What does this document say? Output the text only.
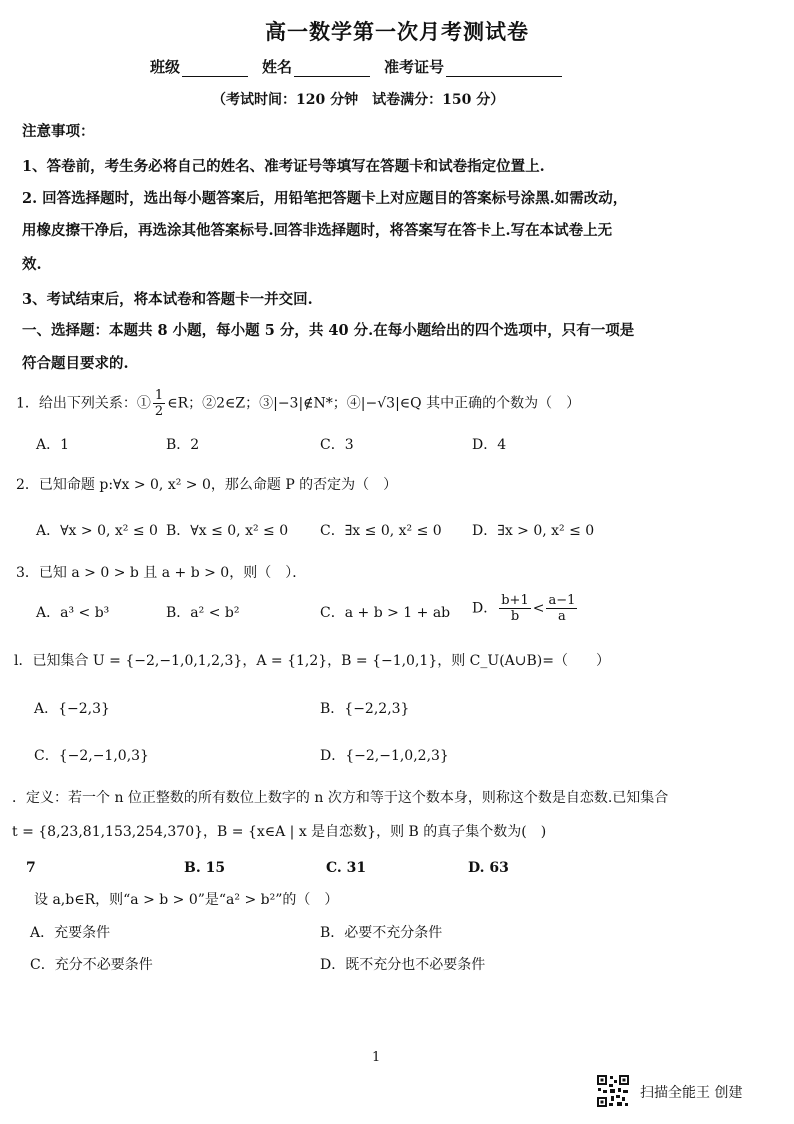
高一数学第一次月考测试卷
班级	姓名	准考证号
（考试时间：120 分钟　试卷满分：150 分）
注意事项：
1、答卷前，考生务必将自己的姓名、准考证号等填写在答题卡和试卷指定位置上.
2. 回答选择题时，选出每小题答案后，用铅笔把答题卡上对应题目的答案标号涂黑.如需改动，
用橡皮擦干净后，再选涂其他答案标号.回答非选择题时，将答案写在答卡上.写在本试卷上无
效.
3、考试结束后，将本试卷和答题卡一并交回.
一、选择题：本题共 8 小题，每小题 5 分，共 40 分.在每小题给出的四个选项中，只有一项是
符合题目要求的.
1．给出下列关系：① $\frac{1}{2}$ ∈R；②2∈Z；③|−3|∉N*；④|−√3|∈Q 其中正确的个数为（　）
A．1	B．2	C．3	D．4
2．已知命题 p:∀x > 0, x² > 0，那么命题 P 的否定为（　）
A．∀x > 0, x² ≤ 0 B．∀x ≤ 0, x² ≤ 0 C．∃x ≤ 0, x² ≤ 0 D．∃x > 0, x² ≤ 0
3．已知 a > 0 > b 且 a + b > 0，则（　）．
A．a³ < b³	B．a² < b²	C．a + b > 1 + ab D． $\frac{b+1}{b} < \frac{a-1}{a}$
l．已知集合 U = {−2,−1,0,1,2,3}，A = {1,2}，B = {−1,0,1}，则 C_U(A∪B)=（　　）
A．{−2,3}	B．{−2,2,3}
C．{−2,−1,0,3}	D．{−2,−1,0,2,3}
．定义：若一个 n 位正整数的所有数位上数字的 n 次方和等于这个数本身，则称这个数是自恋数.已知集合
t = {8,23,81,153,254,370}，B = {x∈A | x 是自恋数}，则 B 的真子集个数为(　)
7	B. 15	C. 31	D. 63
设 a,b∈R，则“a > b > 0”是“a² > b²”的（　）
A．充要条件	B．必要不充分条件
C．充分不必要条件	D．既不充分也不必要条件
1
扫描全能王 创建
